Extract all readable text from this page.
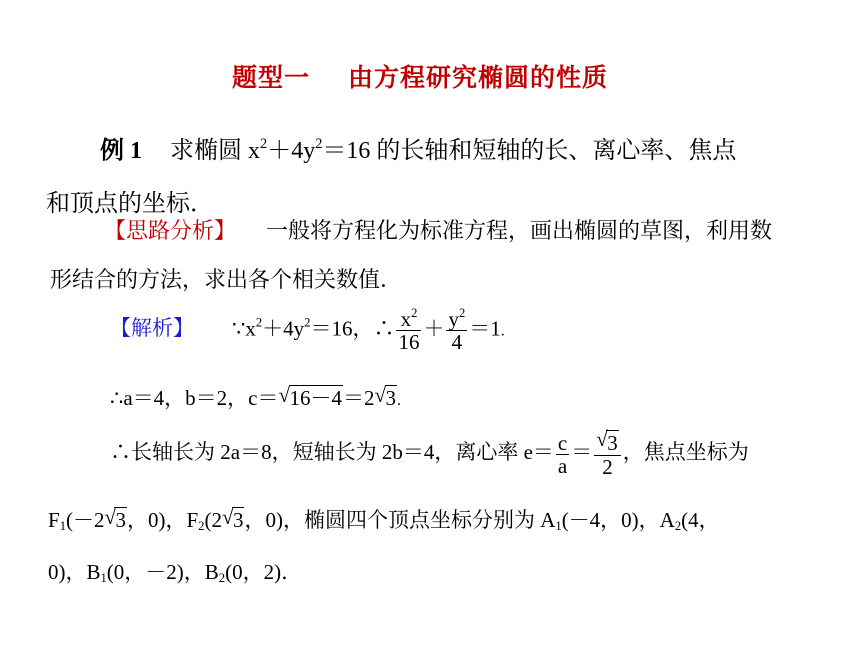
题型一 由方程研究椭圆的性质
例 1 求椭圆 $x^2+4y^2=16$ 的长轴和短轴的长、离心率、焦点
和顶点的坐标．
【思路分析】 一般将方程化为标准方程，画出椭圆的草图，利用数
形结合的方法，求出各个相关数值．
【解析】 $\because x^2+4y^2=16$，∴ $\frac{x^2}{16} + \frac{y^2}{4} =1$.
∴a＝4，b＝2，c＝ √ 16－4＝2 √ 3.
∴长轴长为 2a＝8，短轴长为 2b＝4，离心率 $e= \frac{c}{a} = \frac{√ 3}{2}$ ，焦点坐标为
$F_1(-2$ √ 3，0)，$F_2(2$ √ 3，0)，椭圆四个顶点坐标分别为 $A_1(-4$，0)，$A_2(4$，
0)，$B_1(0$，－2)，$B_2(0$，2)．
